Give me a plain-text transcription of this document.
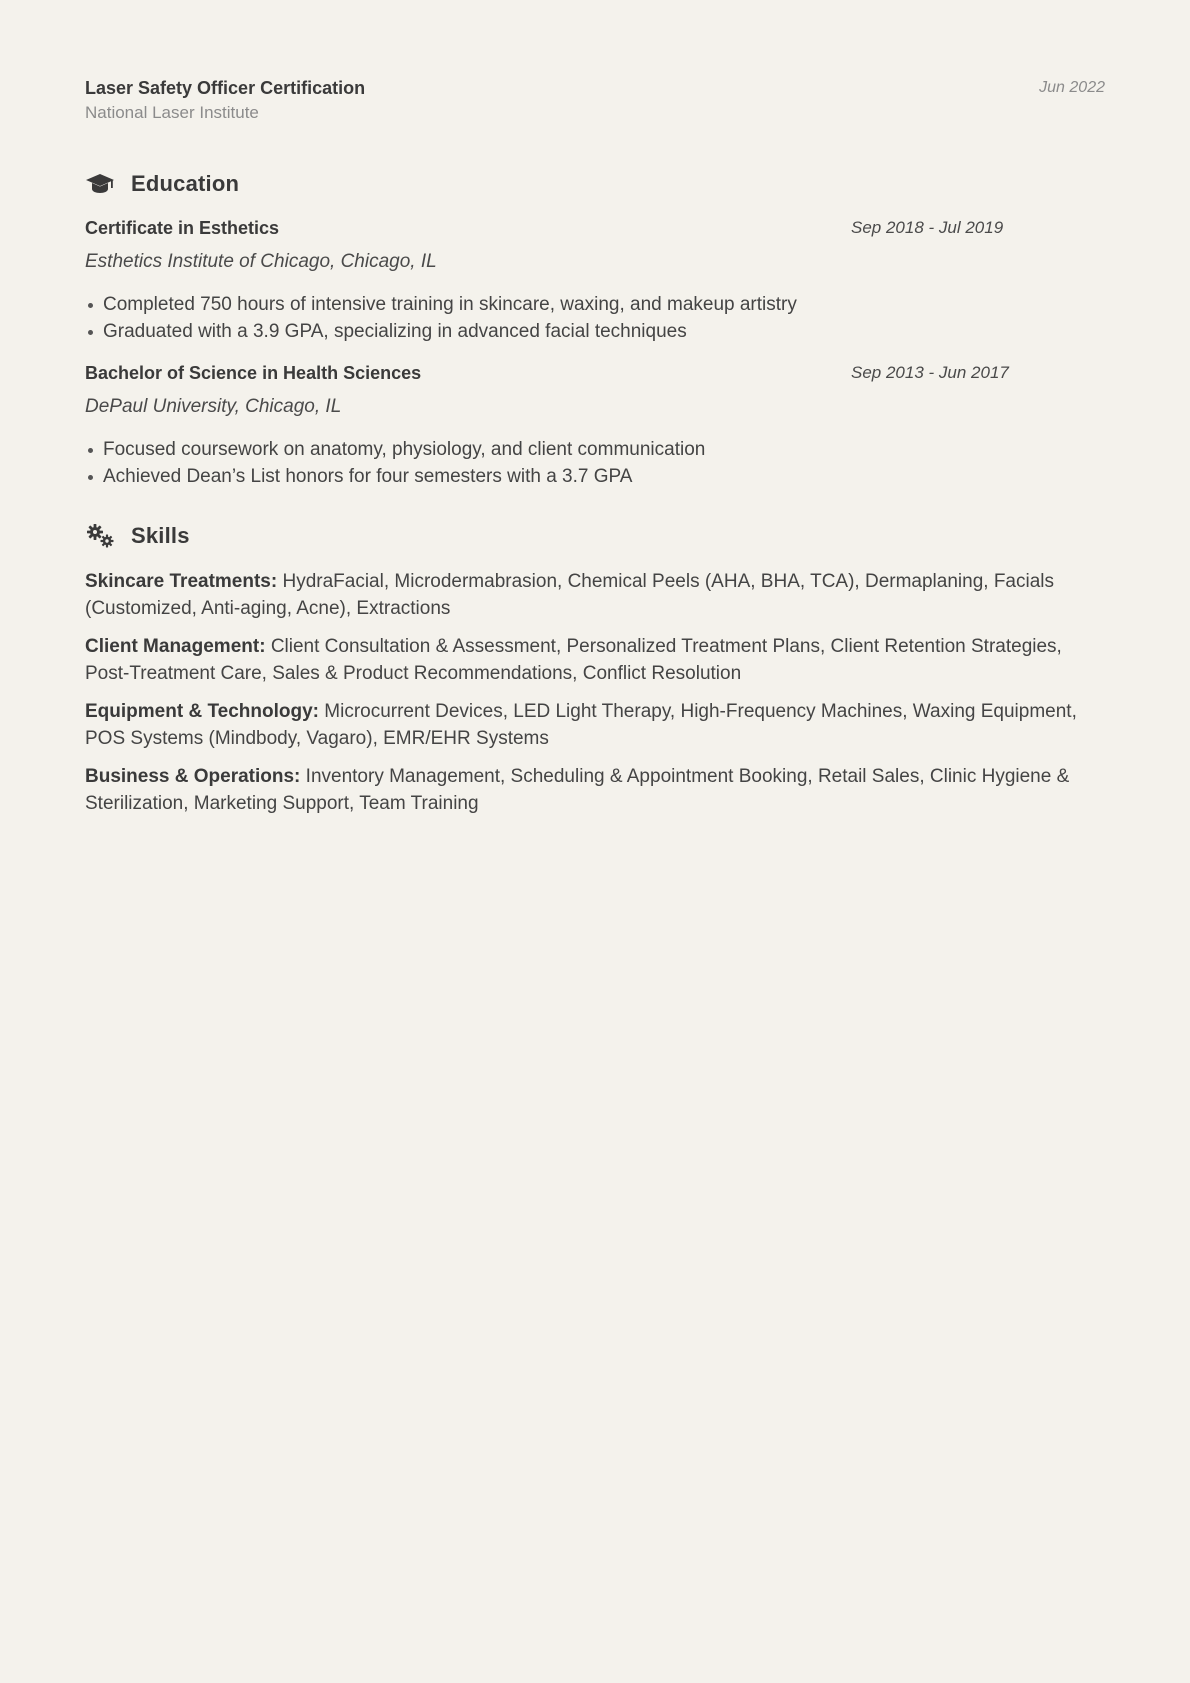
Laser Safety Officer Certification
National Laser Institute
Jun 2022
Education
Certificate in Esthetics	Sep 2018 - Jul 2019
Esthetics Institute of Chicago, Chicago, IL
Completed 750 hours of intensive training in skincare, waxing, and makeup artistry
Graduated with a 3.9 GPA, specializing in advanced facial techniques
Bachelor of Science in Health Sciences	Sep 2013 - Jun 2017
DePaul University, Chicago, IL
Focused coursework on anatomy, physiology, and client communication
Achieved Dean’s List honors for four semesters with a 3.7 GPA
Skills
Skincare Treatments: HydraFacial, Microdermabrasion, Chemical Peels (AHA, BHA, TCA), Dermaplaning, Facials (Customized, Anti-aging, Acne), Extractions
Client Management: Client Consultation & Assessment, Personalized Treatment Plans, Client Retention Strategies, Post-Treatment Care, Sales & Product Recommendations, Conflict Resolution
Equipment & Technology: Microcurrent Devices, LED Light Therapy, High-Frequency Machines, Waxing Equipment, POS Systems (Mindbody, Vagaro), EMR/EHR Systems
Business & Operations: Inventory Management, Scheduling & Appointment Booking, Retail Sales, Clinic Hygiene & Sterilization, Marketing Support, Team Training
